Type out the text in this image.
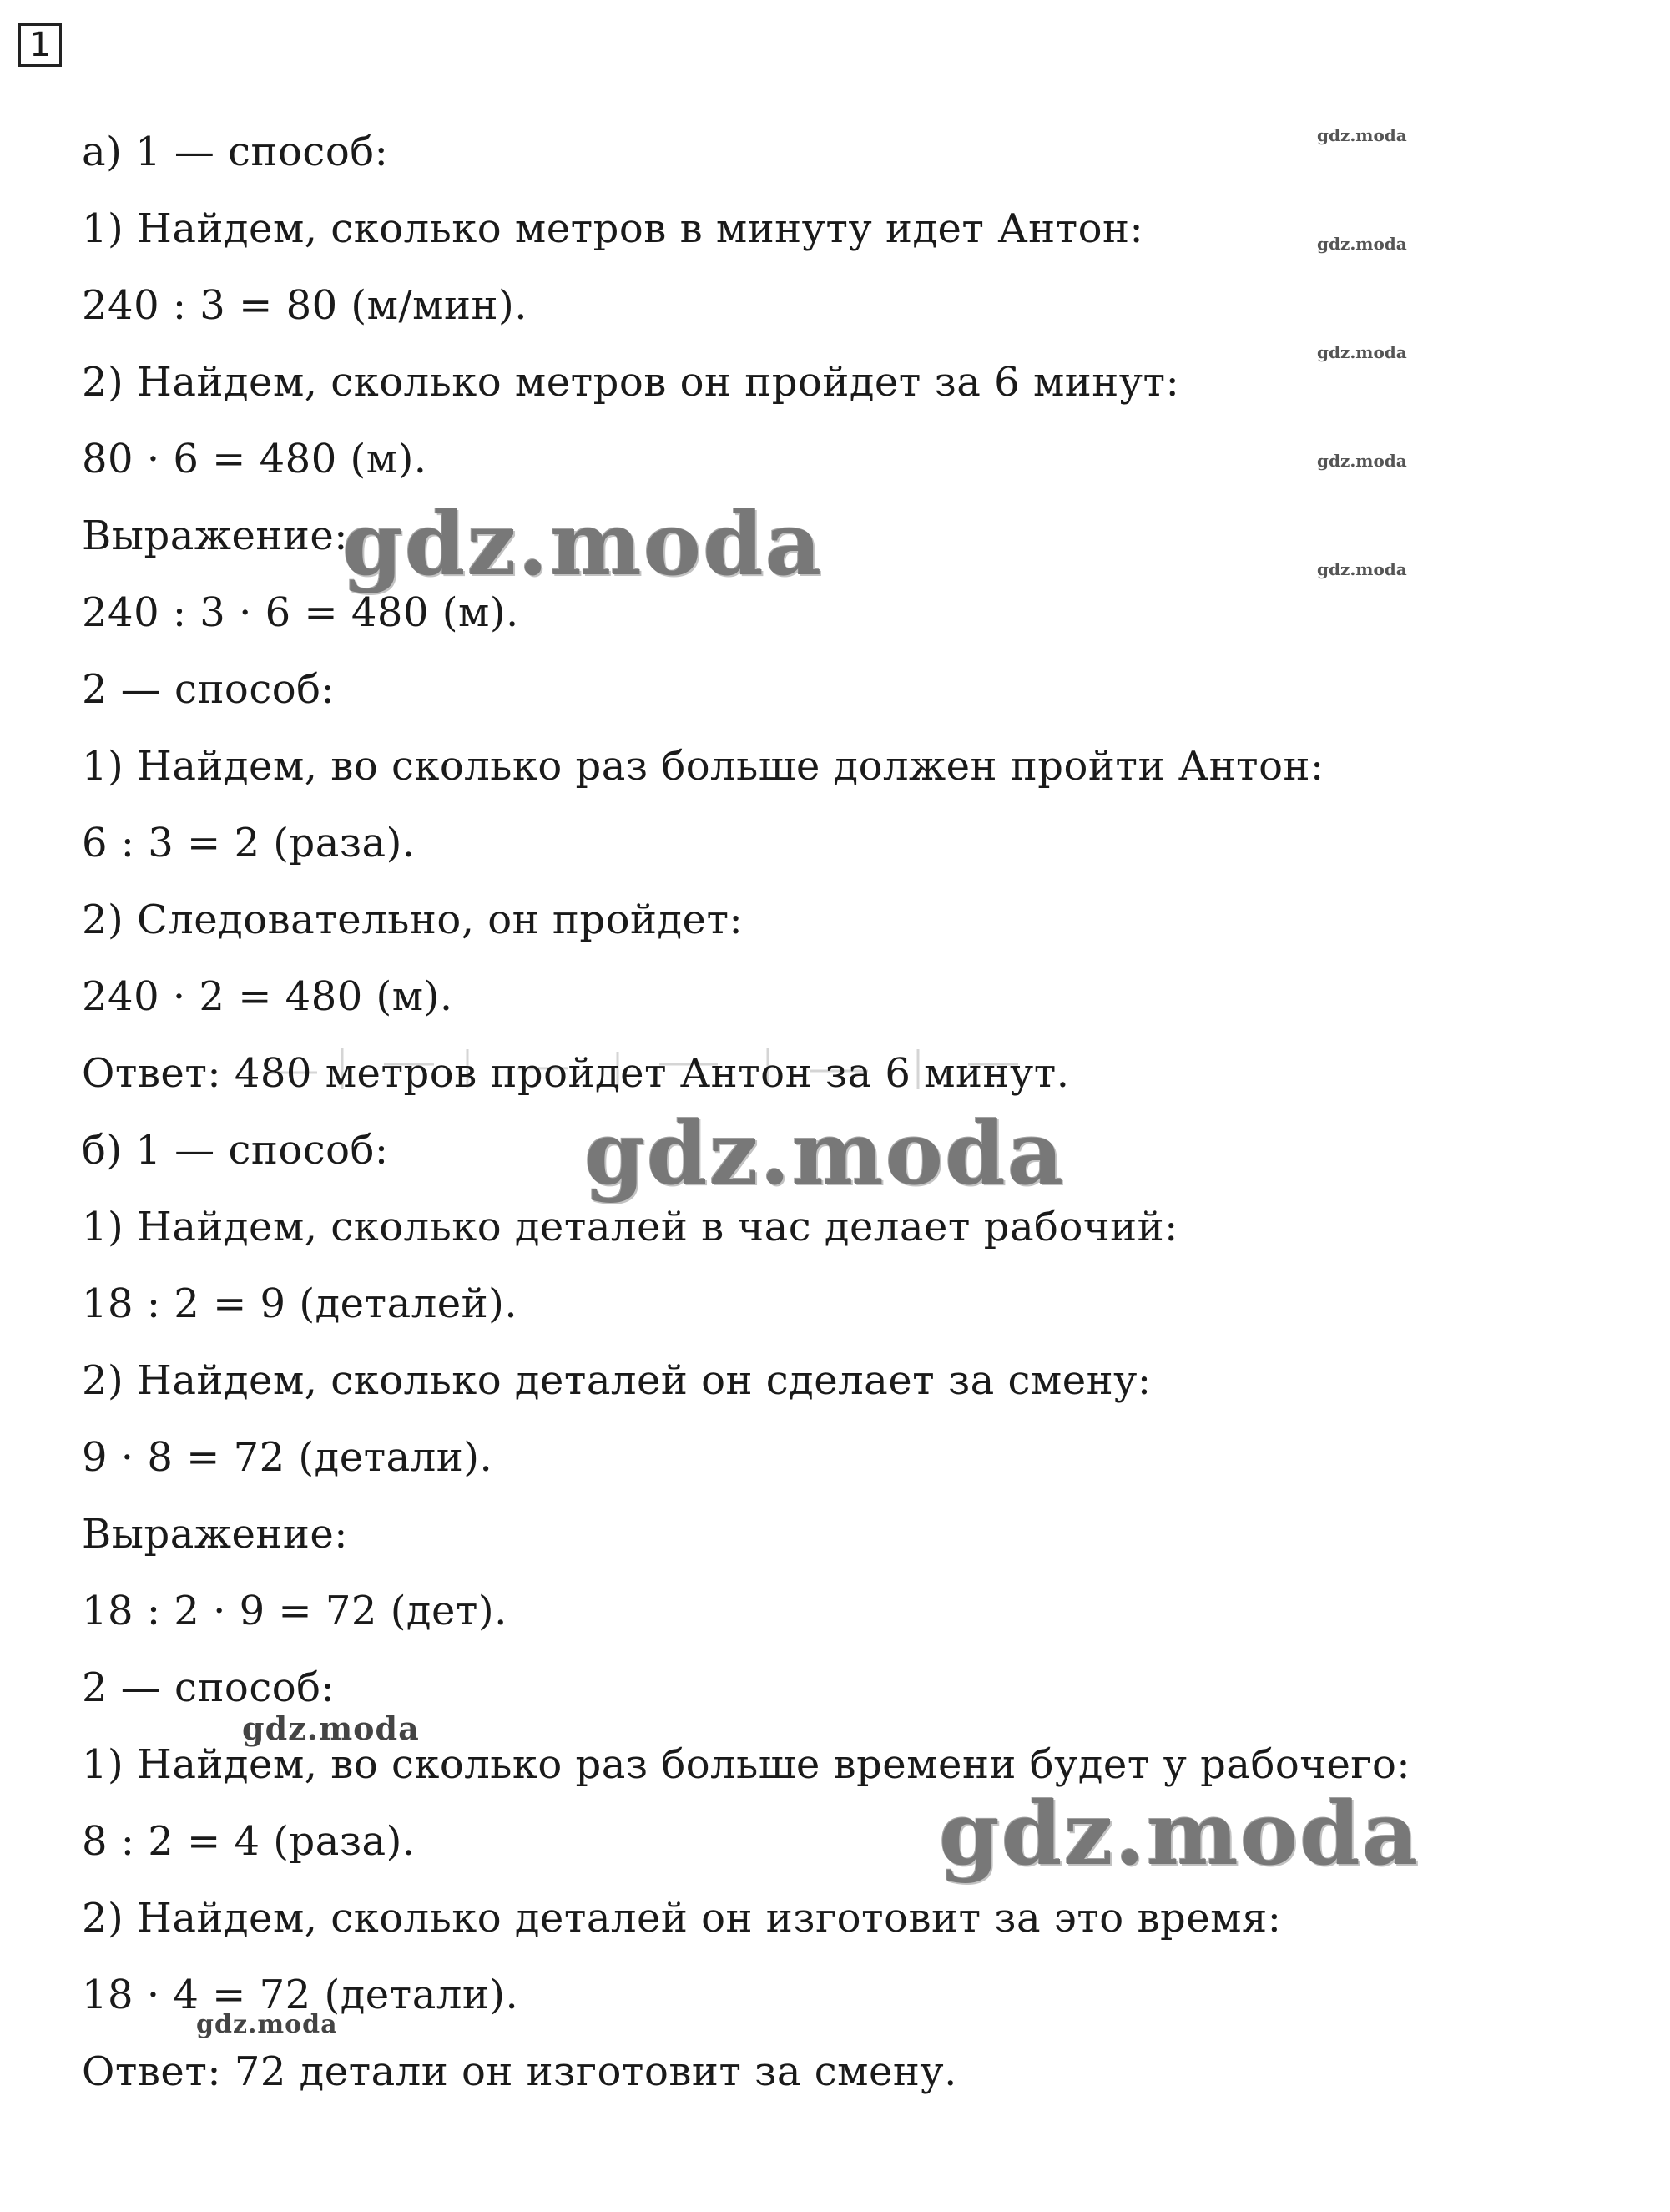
1
а) 1 — способ:
1) Найдем, сколько метров в минуту идет Антон:
240 : 3 = 80 (м/мин).
2) Найдем, сколько метров он пройдет за 6 минут:
80 · 6 = 480 (м).
Выражение:
240 : 3 · 6 = 480 (м).
2 — способ:
1) Найдем, во сколько раз больше должен пройти Антон:
6 : 3 = 2 (раза).
2) Следовательно, он пройдет:
240 · 2 = 480 (м).
Ответ: 480 метров пройдет Антон за 6 минут.
б) 1 — способ:
1) Найдем, сколько деталей в час делает рабочий:
18 : 2 = 9 (деталей).
2) Найдем, сколько деталей он сделает за смену:
9 · 8 = 72 (детали).
Выражение:
18 : 2 · 9 = 72 (дет).
2 — способ:
1) Найдем, во сколько раз больше времени будет у рабочего:
8 : 2 = 4 (раза).
2) Найдем, сколько деталей он изготовит за это время:
18 · 4 = 72 (детали).
Ответ: 72 детали он изготовит за смену.
gdz.moda
gdz.moda
gdz.moda
gdz.moda
gdz.moda
gdz.moda
gdz.moda
gdz.moda
gdz.moda
gdz.moda
